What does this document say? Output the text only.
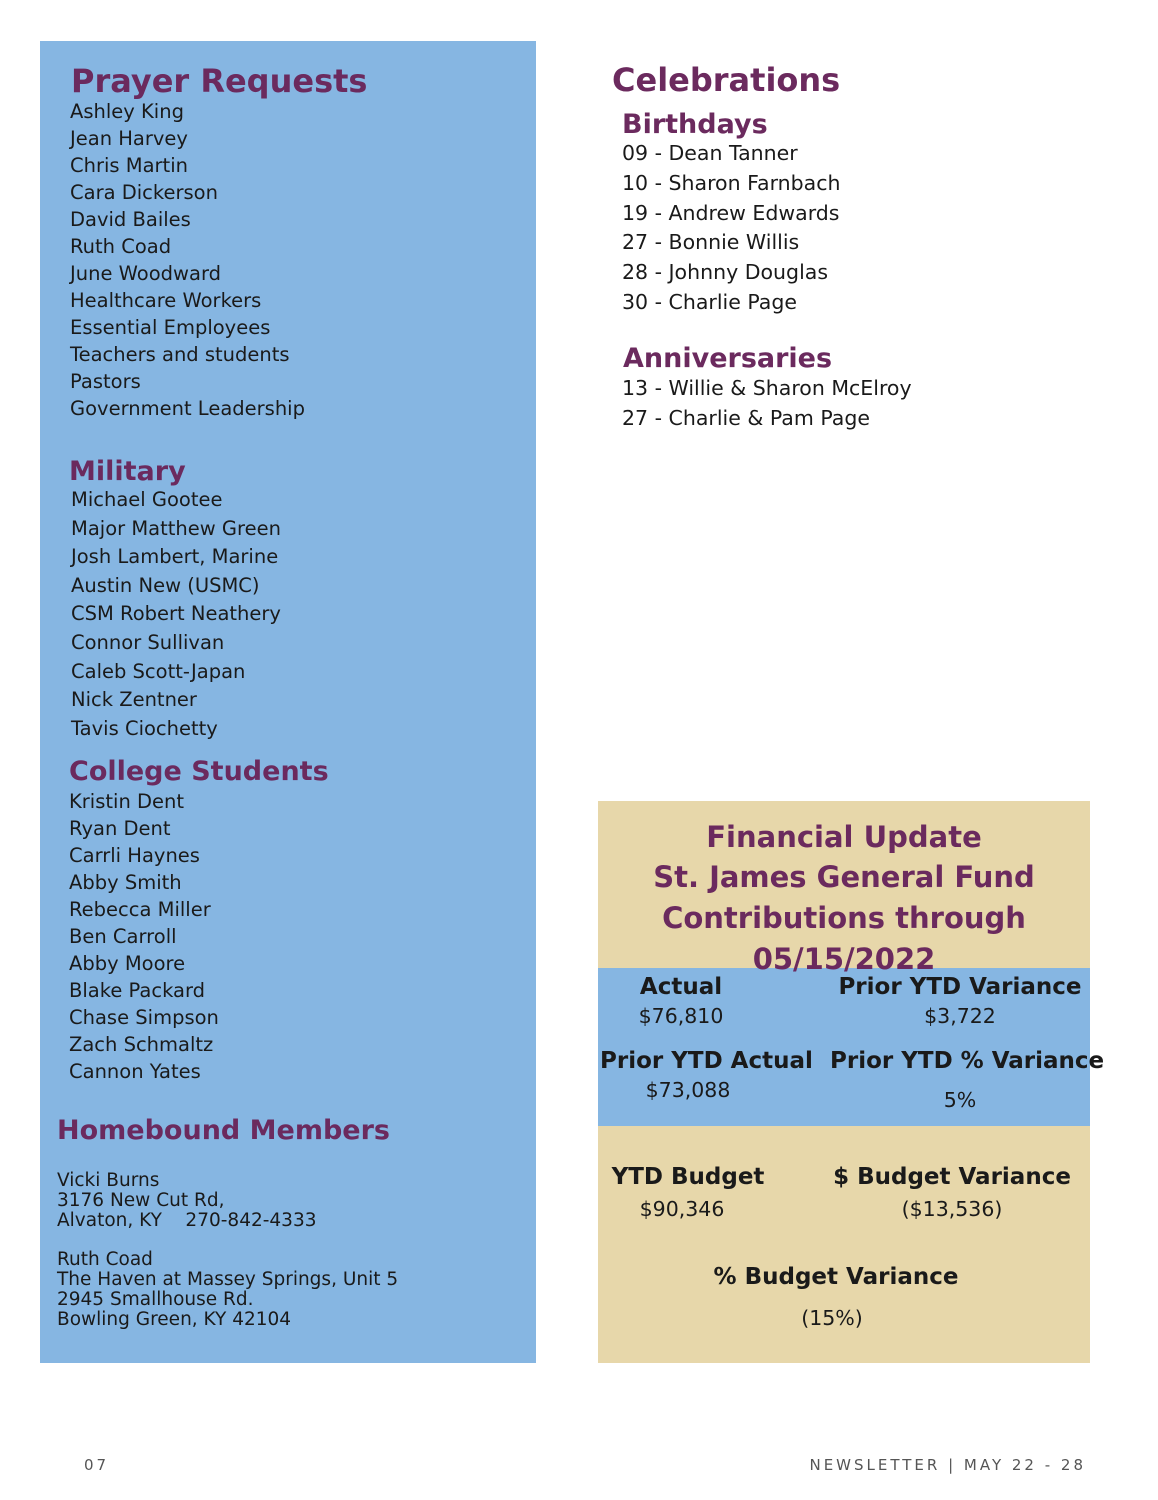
Prayer Requests
Ashley King
Jean Harvey
Chris Martin
Cara Dickerson
David Bailes
Ruth Coad
June Woodward
Healthcare Workers
Essential Employees
Teachers and students
Pastors
Government Leadership
Military
Michael Gootee
Major Matthew Green
Josh Lambert, Marine
Austin New (USMC)
CSM Robert Neathery
Connor Sullivan
Caleb Scott-Japan
Nick Zentner
Tavis Ciochetty
College Students
Kristin Dent
Ryan Dent
Carrli Haynes
Abby Smith
Rebecca Miller
Ben Carroll
Abby Moore
Blake Packard
Chase Simpson
Zach Schmaltz
Cannon Yates
Homebound Members
Vicki Burns
3176 New Cut Rd,
Alvaton, KY    270-842-4333
Ruth Coad
The Haven at Massey Springs, Unit 5
2945 Smallhouse Rd.
Bowling Green, KY 42104
Celebrations
Birthdays
09 - Dean Tanner
10 - Sharon Farnbach
19 - Andrew Edwards
27 - Bonnie Willis
28 - Johnny Douglas
30 - Charlie Page
Anniversaries
13 - Willie & Sharon McElroy
27 - Charlie & Pam Page
Financial Update
St. James General Fund
Contributions through 05/15/2022
Actual
$76,810
Prior YTD Variance
$3,722
Prior YTD Actual
$73,088
Prior YTD % Variance
5%
YTD Budget
$90,346
$ Budget Variance
($13,536)
% Budget Variance
(15%)
07	NEWSLETTER | MAY 22 - 28
